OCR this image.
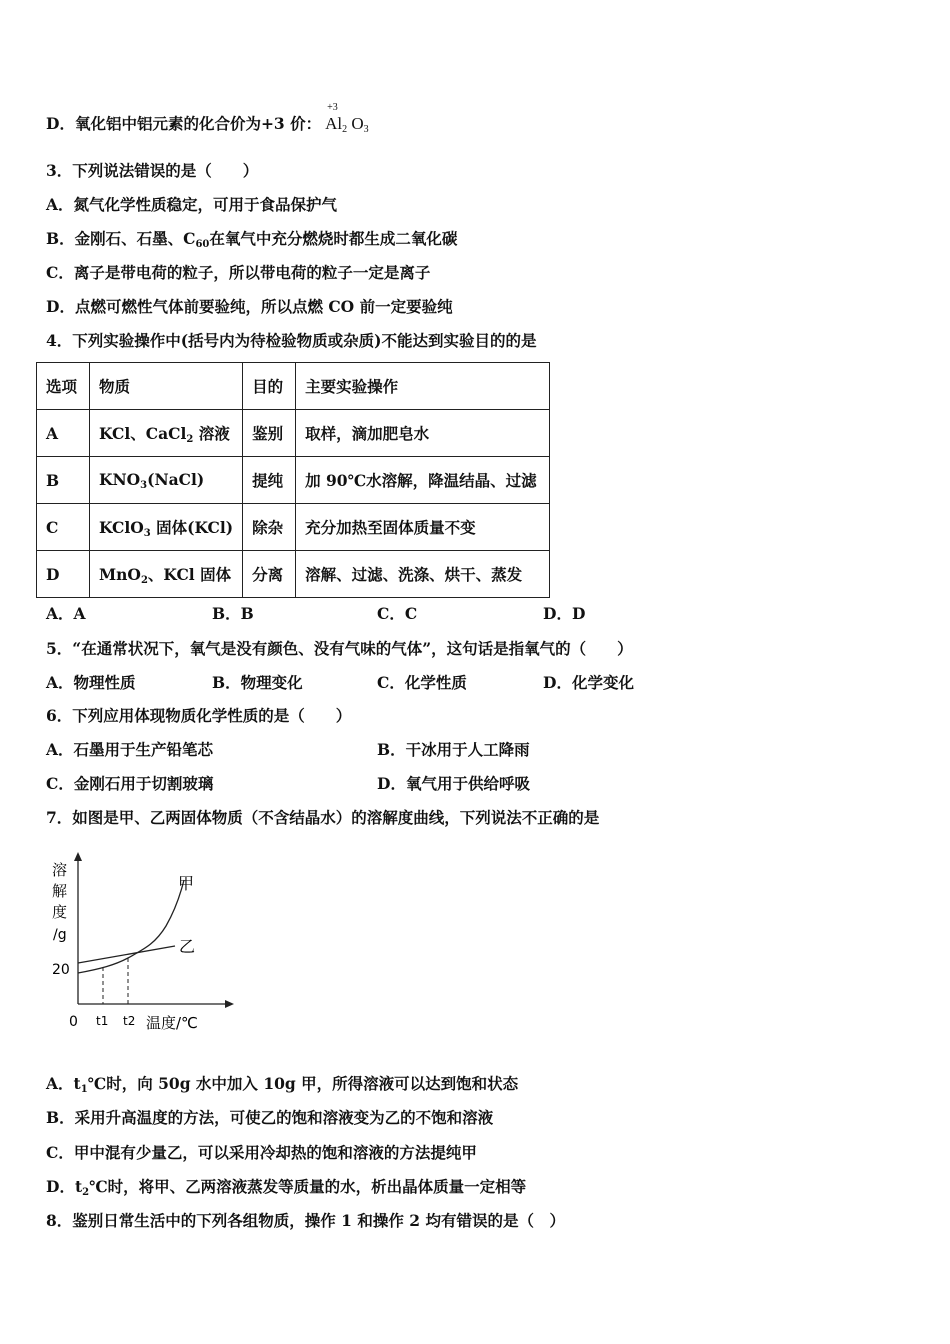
D．氧化铝中铝元素的化合价为+3 价：
+3
$Al_2$ $O_3$
3．下列说法错误的是（　　）
A．氮气化学性质稳定，可用于食品保护气
B．金刚石、石墨、$C_{60}$在氧气中充分燃烧时都生成二氧化碳
C．离子是带电荷的粒子，所以带电荷的粒子一定是离子
D．点燃可燃性气体前要验纯，所以点燃 CO 前一定要验纯
4．下列实验操作中(括号内为待检验物质或杂质)不能达到实验目的的是
选项	物质	目的	主要实验操作
A	KCl、CaCl$_2$ 溶液	鉴别	取样，滴加肥皂水
B	$KNO_3(NaCl)$	提纯	加 90℃水溶解，降温结晶、过滤
C	KClO$_3$ 固体(KCl)	除杂	充分加热至固体质量不变
D	MnO$_2$、KCl 固体	分离	溶解、过滤、洗涤、烘干、蒸发
A．A	B．B	C．C	D．D
5．“在通常状况下，氧气是没有颜色、没有气味的气体”，这句话是指氧气的（　　）
A．物理性质	B．物理变化	C．化学性质	D．化学变化
6．下列应用体现物质化学性质的是（　　）
A．石墨用于生产铅笔芯	B．干冰用于人工降雨
C．金刚石用于切割玻璃	D．氧气用于供给呼吸
7．如图是甲、乙两固体物质（不含结晶水）的溶解度曲线，下列说法不正确的是
溶
解
度
/g
20
甲
乙
0 t1 t2 温度/℃
A．$t_1℃$时，向 50g 水中加入 10g 甲，所得溶液可以达到饱和状态
B．采用升高温度的方法，可使乙的饱和溶液变为乙的不饱和溶液
C．甲中混有少量乙，可以采用冷却热的饱和溶液的方法提纯甲
D．$t_2℃$时，将甲、乙两溶液蒸发等质量的水，析出晶体质量一定相等
8．鉴别日常生活中的下列各组物质，操作 1 和操作 2 均有错误的是（　）
